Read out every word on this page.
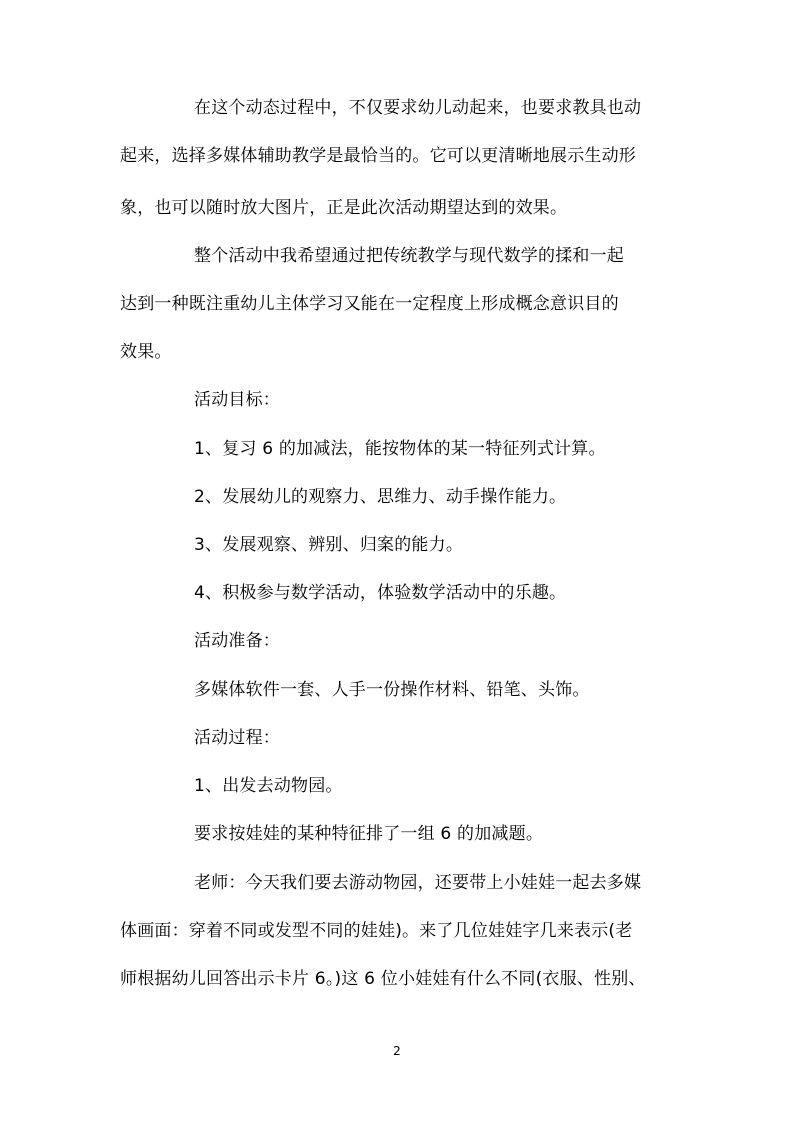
在这个动态过程中，不仅要求幼儿动起来，也要求教具也动
起来，选择多媒体辅助教学是最恰当的。它可以更清晰地展示生动形
象，也可以随时放大图片，正是此次活动期望达到的效果。
整个活动中我希望通过把传统教学与现代数学的揉和一起
达到一种既注重幼儿主体学习又能在一定程度上形成概念意识目的
效果。
活动目标：
1、复习 6 的加减法，能按物体的某一特征列式计算。
2、发展幼儿的观察力、思维力、动手操作能力。
3、发展观察、辨别、归案的能力。
4、积极参与数学活动，体验数学活动中的乐趣。
活动准备：
多媒体软件一套、人手一份操作材料、铅笔、头饰。
活动过程：
1、出发去动物园。
要求按娃娃的某种特征排了一组 6 的加减题。
老师：今天我们要去游动物园，还要带上小娃娃一起去多媒
体画面：穿着不同或发型不同的娃娃)。来了几位娃娃字几来表示(老
师根据幼儿回答出示卡片 6。)这 6 位小娃娃有什么不同(衣服、性别、
2
